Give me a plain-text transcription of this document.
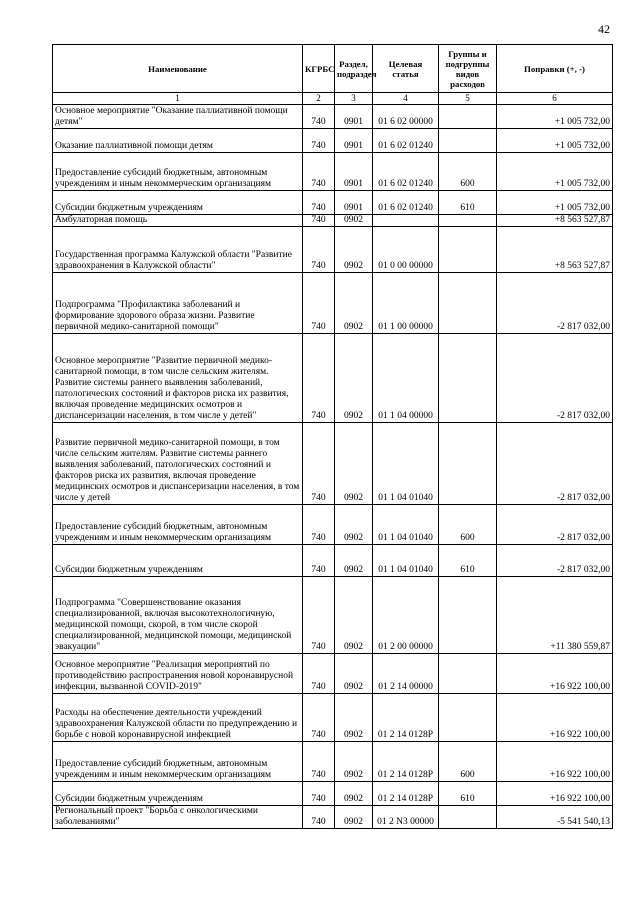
42
Наименование	КГРБС	Раздел, подраздел	Целевая статья	Группы и подгруппы видов расходов	Поправки (+, -)
1	2	3	4	5	6
Основное мероприятие "Оказание паллиативной помощи детям"	740	0901	01 6 02 00000		+1 005 732,00
Оказание паллиативной помощи детям	740	0901	01 6 02 01240		+1 005 732,00
Предоставление субсидий бюджетным, автономным учреждениям и иным некоммерческим организациям	740	0901	01 6 02 01240	600	+1 005 732,00
Субсидии бюджетным учреждениям	740	0901	01 6 02 01240	610	+1 005 732,00
Амбулаторная помощь	740	0902			+8 563 527,87
Государственная программа Калужской области "Развитие здравоохранения в Калужской области"	740	0902	01 0 00 00000		+8 563 527,87
Подпрограмма "Профилактика заболеваний и формирование здорового образа жизни. Развитие первичной медико-санитарной помощи"	740	0902	01 1 00 00000		-2 817 032,00
Основное мероприятие "Развитие первичной медико-санитарной помощи, в том числе сельским жителям. Развитие системы раннего выявления заболеваний, патологических состояний и факторов риска их развития, включая проведение медицинских осмотров и диспансеризации населения, в том числе у детей"	740	0902	01 1 04 00000		-2 817 032,00
Развитие первичной медико-санитарной помощи, в том числе сельским жителям. Развитие системы раннего выявления заболеваний, патологических состояний и факторов риска их развития, включая проведение медицинских осмотров и диспансеризации населения, в том числе у детей	740	0902	01 1 04 01040		-2 817 032,00
Предоставление субсидий бюджетным, автономным учреждениям и иным некоммерческим организациям	740	0902	01 1 04 01040	600	-2 817 032,00
Субсидии бюджетным учреждениям	740	0902	01 1 04 01040	610	-2 817 032,00
Подпрограмма "Совершенствование оказания специализированной, включая высокотехнологичную, медицинской помощи, скорой, в том числе скорой специализированной, медицинской помощи, медицинской эвакуации"	740	0902	01 2 00 00000		+11 380 559,87
Основное мероприятие "Реализация мероприятий по противодействию распространения новой коронавирусной инфекции, вызванной COVID-2019"	740	0902	01 2 14 00000		+16 922 100,00
Расходы на обеспечение деятельности учреждений здравоохранения Калужской области по предупреждению и борьбе с новой коронавирусной инфекцией	740	0902	01 2 14 0128Р		+16 922 100,00
Предоставление субсидий бюджетным, автономным учреждениям и иным некоммерческим организациям	740	0902	01 2 14 0128Р	600	+16 922 100,00
Субсидии бюджетным учреждениям	740	0902	01 2 14 0128Р	610	+16 922 100,00
Региональный проект "Борьба с онкологическими заболеваниями"	740	0902	01 2 N3 00000		-5 541 540,13
